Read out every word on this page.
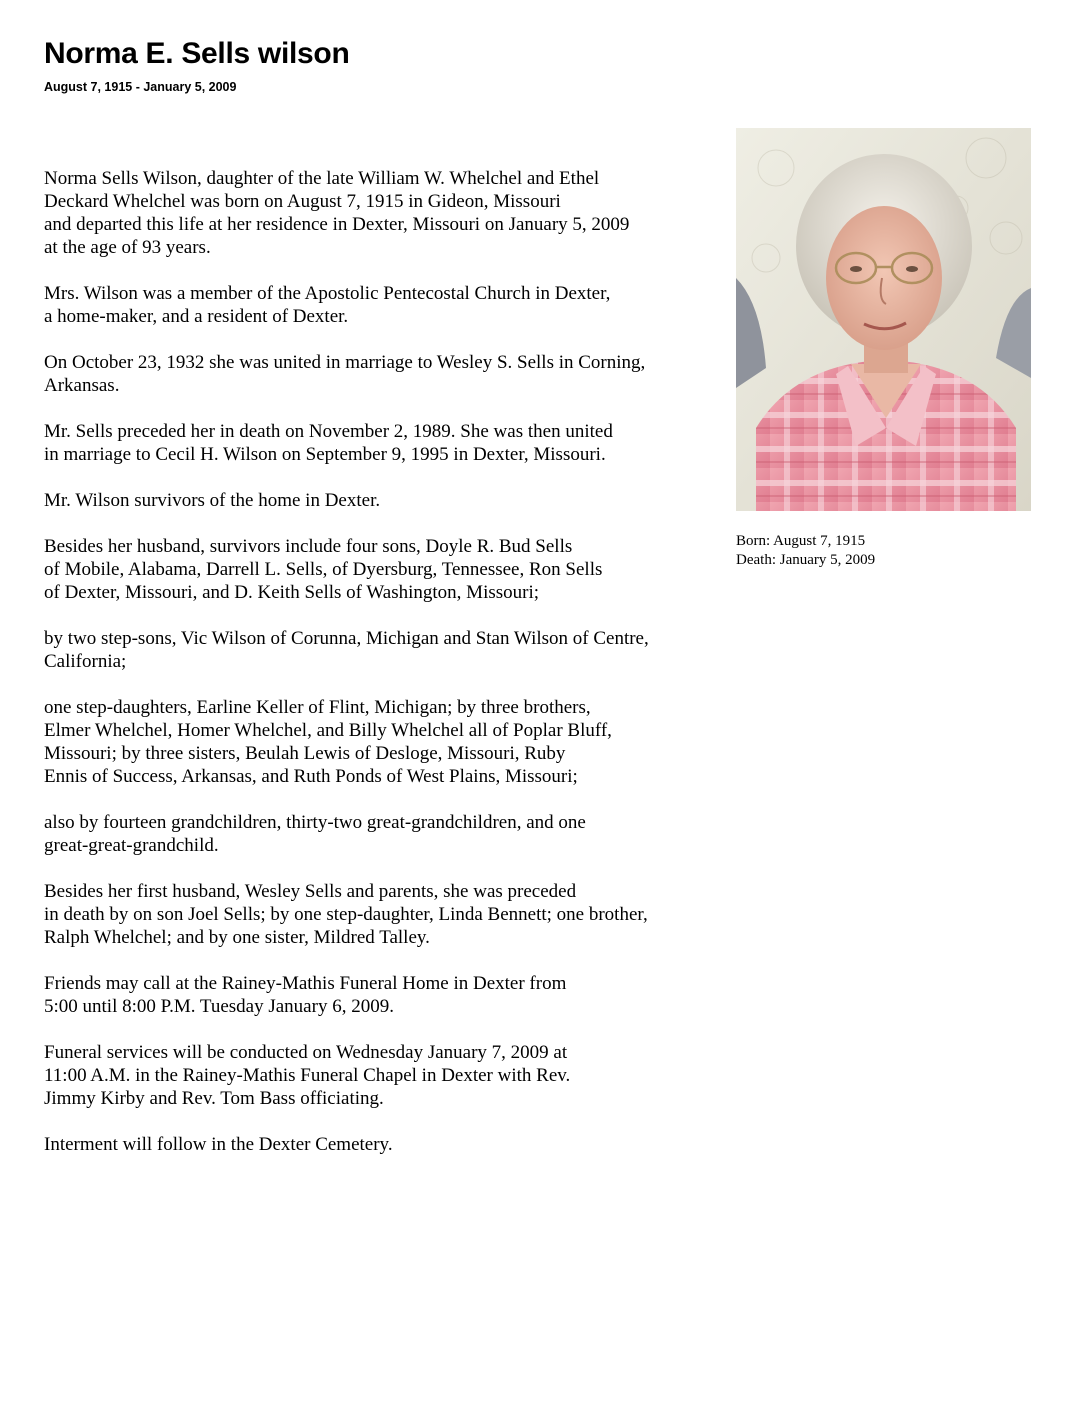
Norma E. Sells wilson
August 7, 1915 - January 5, 2009
Norma Sells Wilson, daughter of the late William W. Whelchel and Ethel
Deckard Whelchel was born on August 7, 1915 in Gideon, Missouri
and departed this life at her residence in Dexter, Missouri on January 5, 2009
at the age of 93 years.
Mrs. Wilson was a member of the Apostolic Pentecostal Church in Dexter,
a home-maker, and a resident of Dexter.
On October 23, 1932 she was united in marriage to Wesley S. Sells in Corning,
Arkansas.
Mr. Sells preceded her in death on November 2, 1989. She was then united
in marriage to Cecil H. Wilson on September 9, 1995 in Dexter, Missouri.
Mr. Wilson survivors of the home in Dexter.
Besides her husband, survivors include four sons, Doyle R. Bud Sells
of Mobile, Alabama, Darrell L. Sells, of Dyersburg, Tennessee, Ron Sells
of Dexter, Missouri, and D. Keith Sells of Washington, Missouri;
by two step-sons, Vic Wilson of Corunna, Michigan and Stan Wilson of Centre,
California;
one step-daughters, Earline Keller of Flint, Michigan; by three brothers,
Elmer Whelchel, Homer Whelchel, and Billy Whelchel all of Poplar Bluff,
Missouri; by three sisters, Beulah Lewis of Desloge, Missouri, Ruby
Ennis of Success, Arkansas, and Ruth Ponds of West Plains, Missouri;
also by fourteen grandchildren, thirty-two great-grandchildren, and one
great-great-grandchild.
Besides her first husband, Wesley Sells and parents, she was preceded
in death by on son Joel Sells; by one step-daughter, Linda Bennett; one brother,
Ralph Whelchel; and by one sister, Mildred Talley.
Friends may call at the Rainey-Mathis Funeral Home in Dexter from
5:00 until 8:00 P.M. Tuesday January 6, 2009.
Funeral services will be conducted on Wednesday January 7, 2009 at
11:00 A.M. in the Rainey-Mathis Funeral Chapel in Dexter with Rev.
Jimmy Kirby and Rev. Tom Bass officiating.
Interment will follow in the Dexter Cemetery.
Born: August 7, 1915
Death: January 5, 2009
